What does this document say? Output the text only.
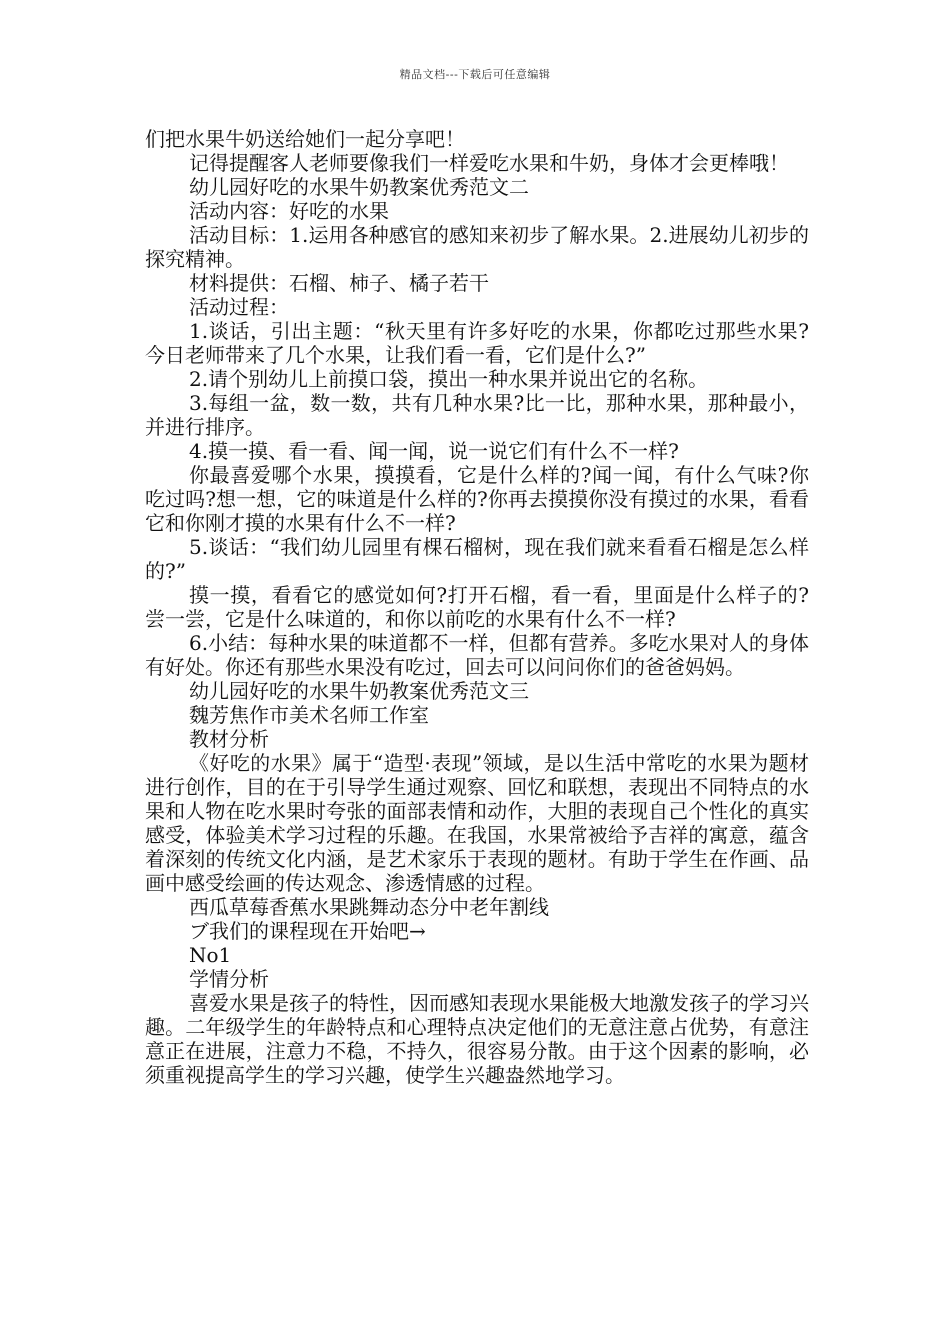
精品文档---下载后可任意编辑

们把水果牛奶送给她们一起分享吧！

记得提醒客人老师要像我们一样爱吃水果和牛奶，身体才会更棒哦！

幼儿园好吃的水果牛奶教案优秀范文二

活动内容：好吃的水果

活动目标：1.运用各种感官的感知来初步了解水果。2.进展幼儿初步的探究精神。

材料提供：石榴、柿子、橘子若干

活动过程：

1.谈话，引出主题：“秋天里有许多好吃的水果，你都吃过那些水果?今日老师带来了几个水果，让我们看一看，它们是什么?”

2.请个别幼儿上前摸口袋，摸出一种水果并说出它的名称。

3.每组一盆，数一数，共有几种水果?比一比，那种水果，那种最小，并进行排序。

4.摸一摸、看一看、闻一闻，说一说它们有什么不一样?

你最喜爱哪个水果，摸摸看，它是什么样的?闻一闻，有什么气味?你吃过吗?想一想，它的味道是什么样的?你再去摸摸你没有摸过的水果，看看它和你刚才摸的水果有什么不一样?

5.谈话：“我们幼儿园里有棵石榴树，现在我们就来看看石榴是怎么样的?”

摸一摸，看看它的感觉如何?打开石榴，看一看，里面是什么样子的?尝一尝，它是什么味道的，和你以前吃的水果有什么不一样?

6.小结：每种水果的味道都不一样，但都有营养。多吃水果对人的身体有好处。你还有那些水果没有吃过，回去可以问问你们的爸爸妈妈。

幼儿园好吃的水果牛奶教案优秀范文三

魏芳焦作市美术名师工作室

教材分析

《好吃的水果》属于“造型·表现”领域，是以生活中常吃的水果为题材进行创作，目的在于引导学生通过观察、回忆和联想，表现出不同特点的水果和人物在吃水果时夸张的面部表情和动作，大胆的表现自己个性化的真实感受，体验美术学习过程的乐趣。在我国，水果常被给予吉祥的寓意，蕴含着深刻的传统文化内涵，是艺术家乐于表现的题材。有助于学生在作画、品画中感受绘画的传达观念、渗透情感的过程。

西瓜草莓香蕉水果跳舞动态分中老年割线

ブ我们的课程现在开始吧→

No1

学情分析

喜爱水果是孩子的特性，因而感知表现水果能极大地激发孩子的学习兴趣。二年级学生的年龄特点和心理特点决定他们的无意注意占优势，有意注意正在进展，注意力不稳，不持久，很容易分散。由于这个因素的影响，必须重视提高学生的学习兴趣，使学生兴趣盎然地学习。
